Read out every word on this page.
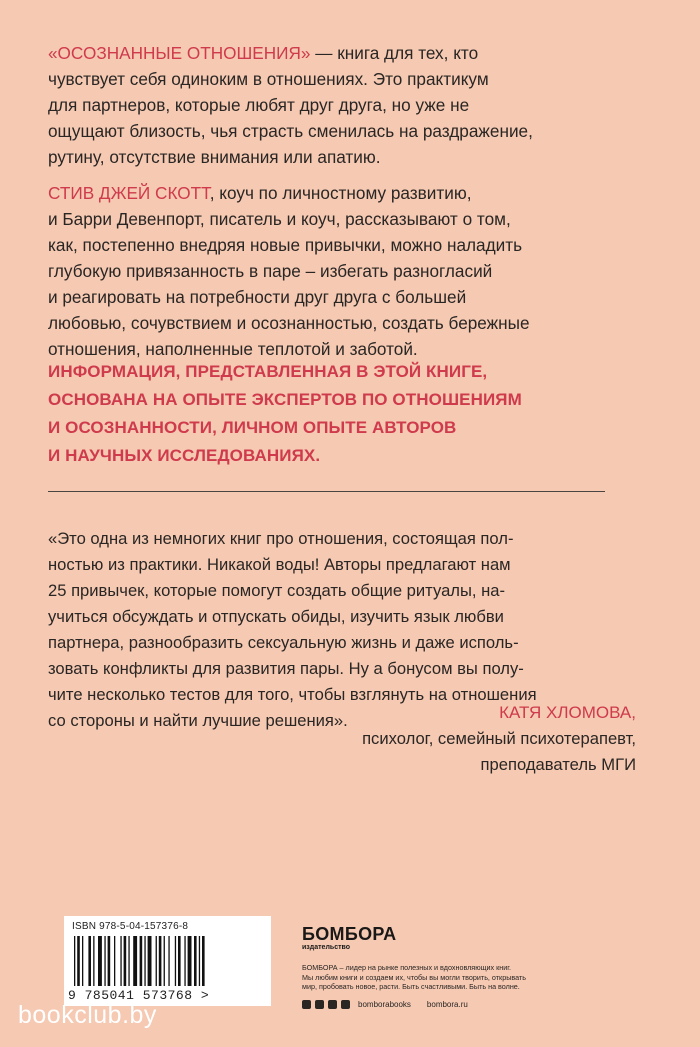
«ОСОЗНАННЫЕ ОТНОШЕНИЯ» — книга для тех, кто
чувствует себя одиноким в отношениях. Это практикум
для партнеров, которые любят друг друга, но уже не
ощущают близость, чья страсть сменилась на раздражение,
рутину, отсутствие внимания или апатию.
СТИВ ДЖЕЙ СКОТТ, коуч по личностному развитию,
и Барри Девенпорт, писатель и коуч, рассказывают о том,
как, постепенно внедряя новые привычки, можно наладить
глубокую привязанность в паре – избегать разногласий
и реагировать на потребности друг друга с большей
любовью, сочувствием и осознанностью, создать бережные
отношения, наполненные теплотой и заботой.
ИНФОРМАЦИЯ, ПРЕДСТАВЛЕННАЯ В ЭТОЙ КНИГЕ,
ОСНОВАНА НА ОПЫТЕ ЭКСПЕРТОВ ПО ОТНОШЕНИЯМ
И ОСОЗНАННОСТИ, ЛИЧНОМ ОПЫТЕ АВТОРОВ
И НАУЧНЫХ ИССЛЕДОВАНИЯХ.
«Это одна из немногих книг про отношения, состоящая пол-
ностью из практики. Никакой воды! Авторы предлагают нам
25 привычек, которые помогут создать общие ритуалы, на-
учиться обсуждать и отпускать обиды, изучить язык любви
партнера, разнообразить сексуальную жизнь и даже исполь-
зовать конфликты для развития пары. Ну а бонусом вы полу-
чите несколько тестов для того, чтобы взглянуть на отношения
со стороны и найти лучшие решения».	КАТЯ ХЛОМОВА,
психолог, семейный психотерапевт,
преподаватель МГИ
ISBN 978-5-04-157376-8
9 785041 573768 >
БОМБОРА
издательство
БОМБОРА – лидер на рынке полезных и вдохновляющих книг.
Мы любим книги и создаем их, чтобы вы могли творить, открывать
мир, пробовать новое, расти. Быть счастливыми. Быть на волне.
bomborabooks bombora.ru
bookclub.by
